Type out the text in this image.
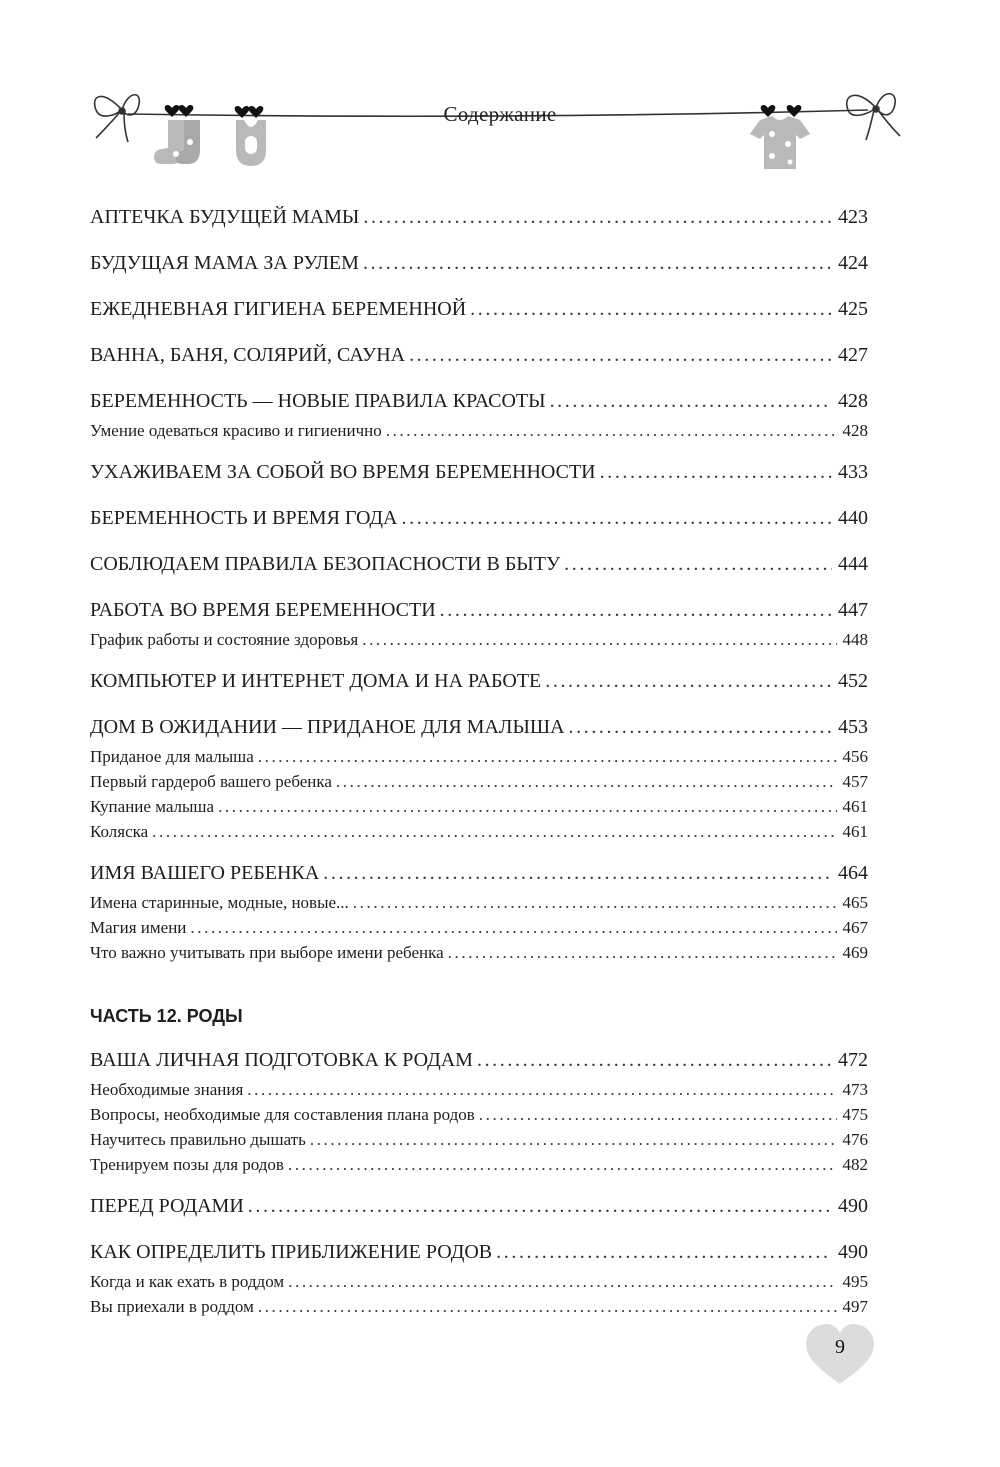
Содержание
АПТЕЧКА БУДУЩЕЙ МАМЫ .....	423
БУДУЩАЯ МАМА ЗА РУЛЕМ .....	424
ЕЖЕДНЕВНАЯ ГИГИЕНА БЕРЕМЕННОЙ .....	425
ВАННА, БАНЯ, СОЛЯРИЙ, САУНА .....	427
БЕРЕМЕННОСТЬ — НОВЫЕ ПРАВИЛА КРАСОТЫ .....	428
Умение одеваться красиво и гигиенично .....	428
УХАЖИВАЕМ ЗА СОБОЙ ВО ВРЕМЯ БЕРЕМЕННОСТИ .....	433
БЕРЕМЕННОСТЬ И ВРЕМЯ ГОДА .....	440
СОБЛЮДАЕМ ПРАВИЛА БЕЗОПАСНОСТИ В БЫТУ .....	444
РАБОТА ВО ВРЕМЯ БЕРЕМЕННОСТИ .....	447
График работы и состояние здоровья .....	448
КОМПЬЮТЕР И ИНТЕРНЕТ ДОМА И НА РАБОТЕ .....	452
ДОМ В ОЖИДАНИИ — ПРИДАНОЕ ДЛЯ МАЛЫША .....	453
Приданое для малыша .....	456
Первый гардероб вашего ребенка .....	457
Купание малыша .....	461
Коляска .....	461
ИМЯ ВАШЕГО РЕБЕНКА .....	464
Имена старинные, модные, новые... .....	465
Магия имени .....	467
Что важно учитывать при выборе имени ребенка .....	469
ЧАСТЬ 12. РОДЫ
ВАША ЛИЧНАЯ ПОДГОТОВКА К РОДАМ .....	472
Необходимые знания .....	473
Вопросы, необходимые для составления плана родов .....	475
Научитесь правильно дышать .....	476
Тренируем позы для родов .....	482
ПЕРЕД РОДАМИ .....	490
КАК ОПРЕДЕЛИТЬ ПРИБЛИЖЕНИЕ РОДОВ .....	490
Когда и как ехать в роддом .....	495
Вы приехали в роддом .....	497
9
